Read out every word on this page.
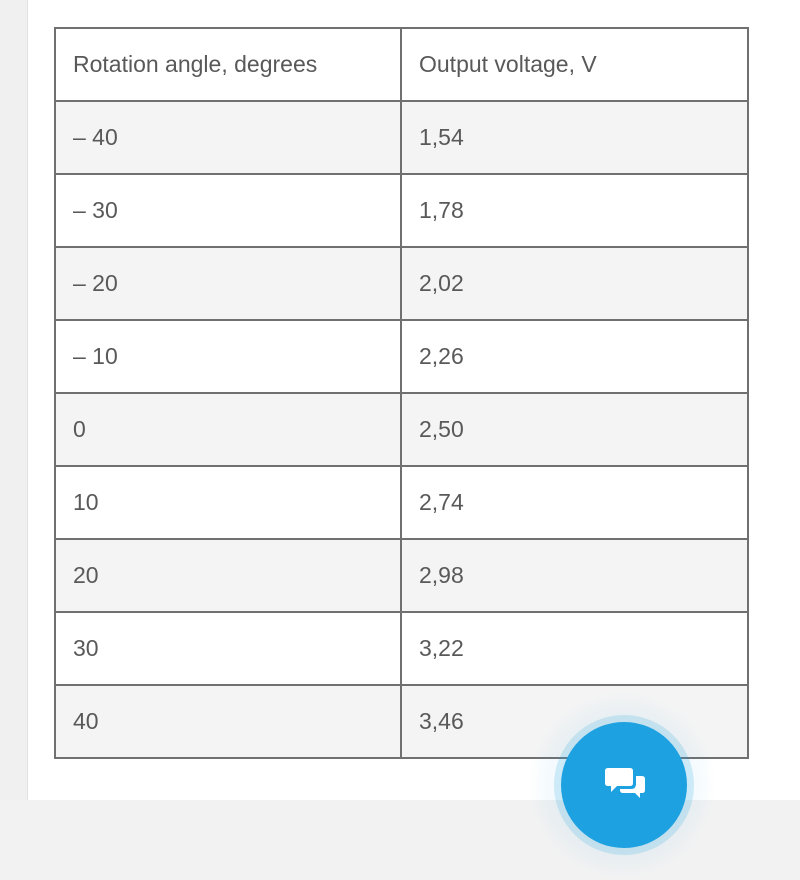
Rotation angle, degrees	Output voltage, V
– 40	1,54
– 30	1,78
– 20	2,02
– 10	2,26
0	2,50
10	2,74
20	2,98
30	3,22
40	3,46
